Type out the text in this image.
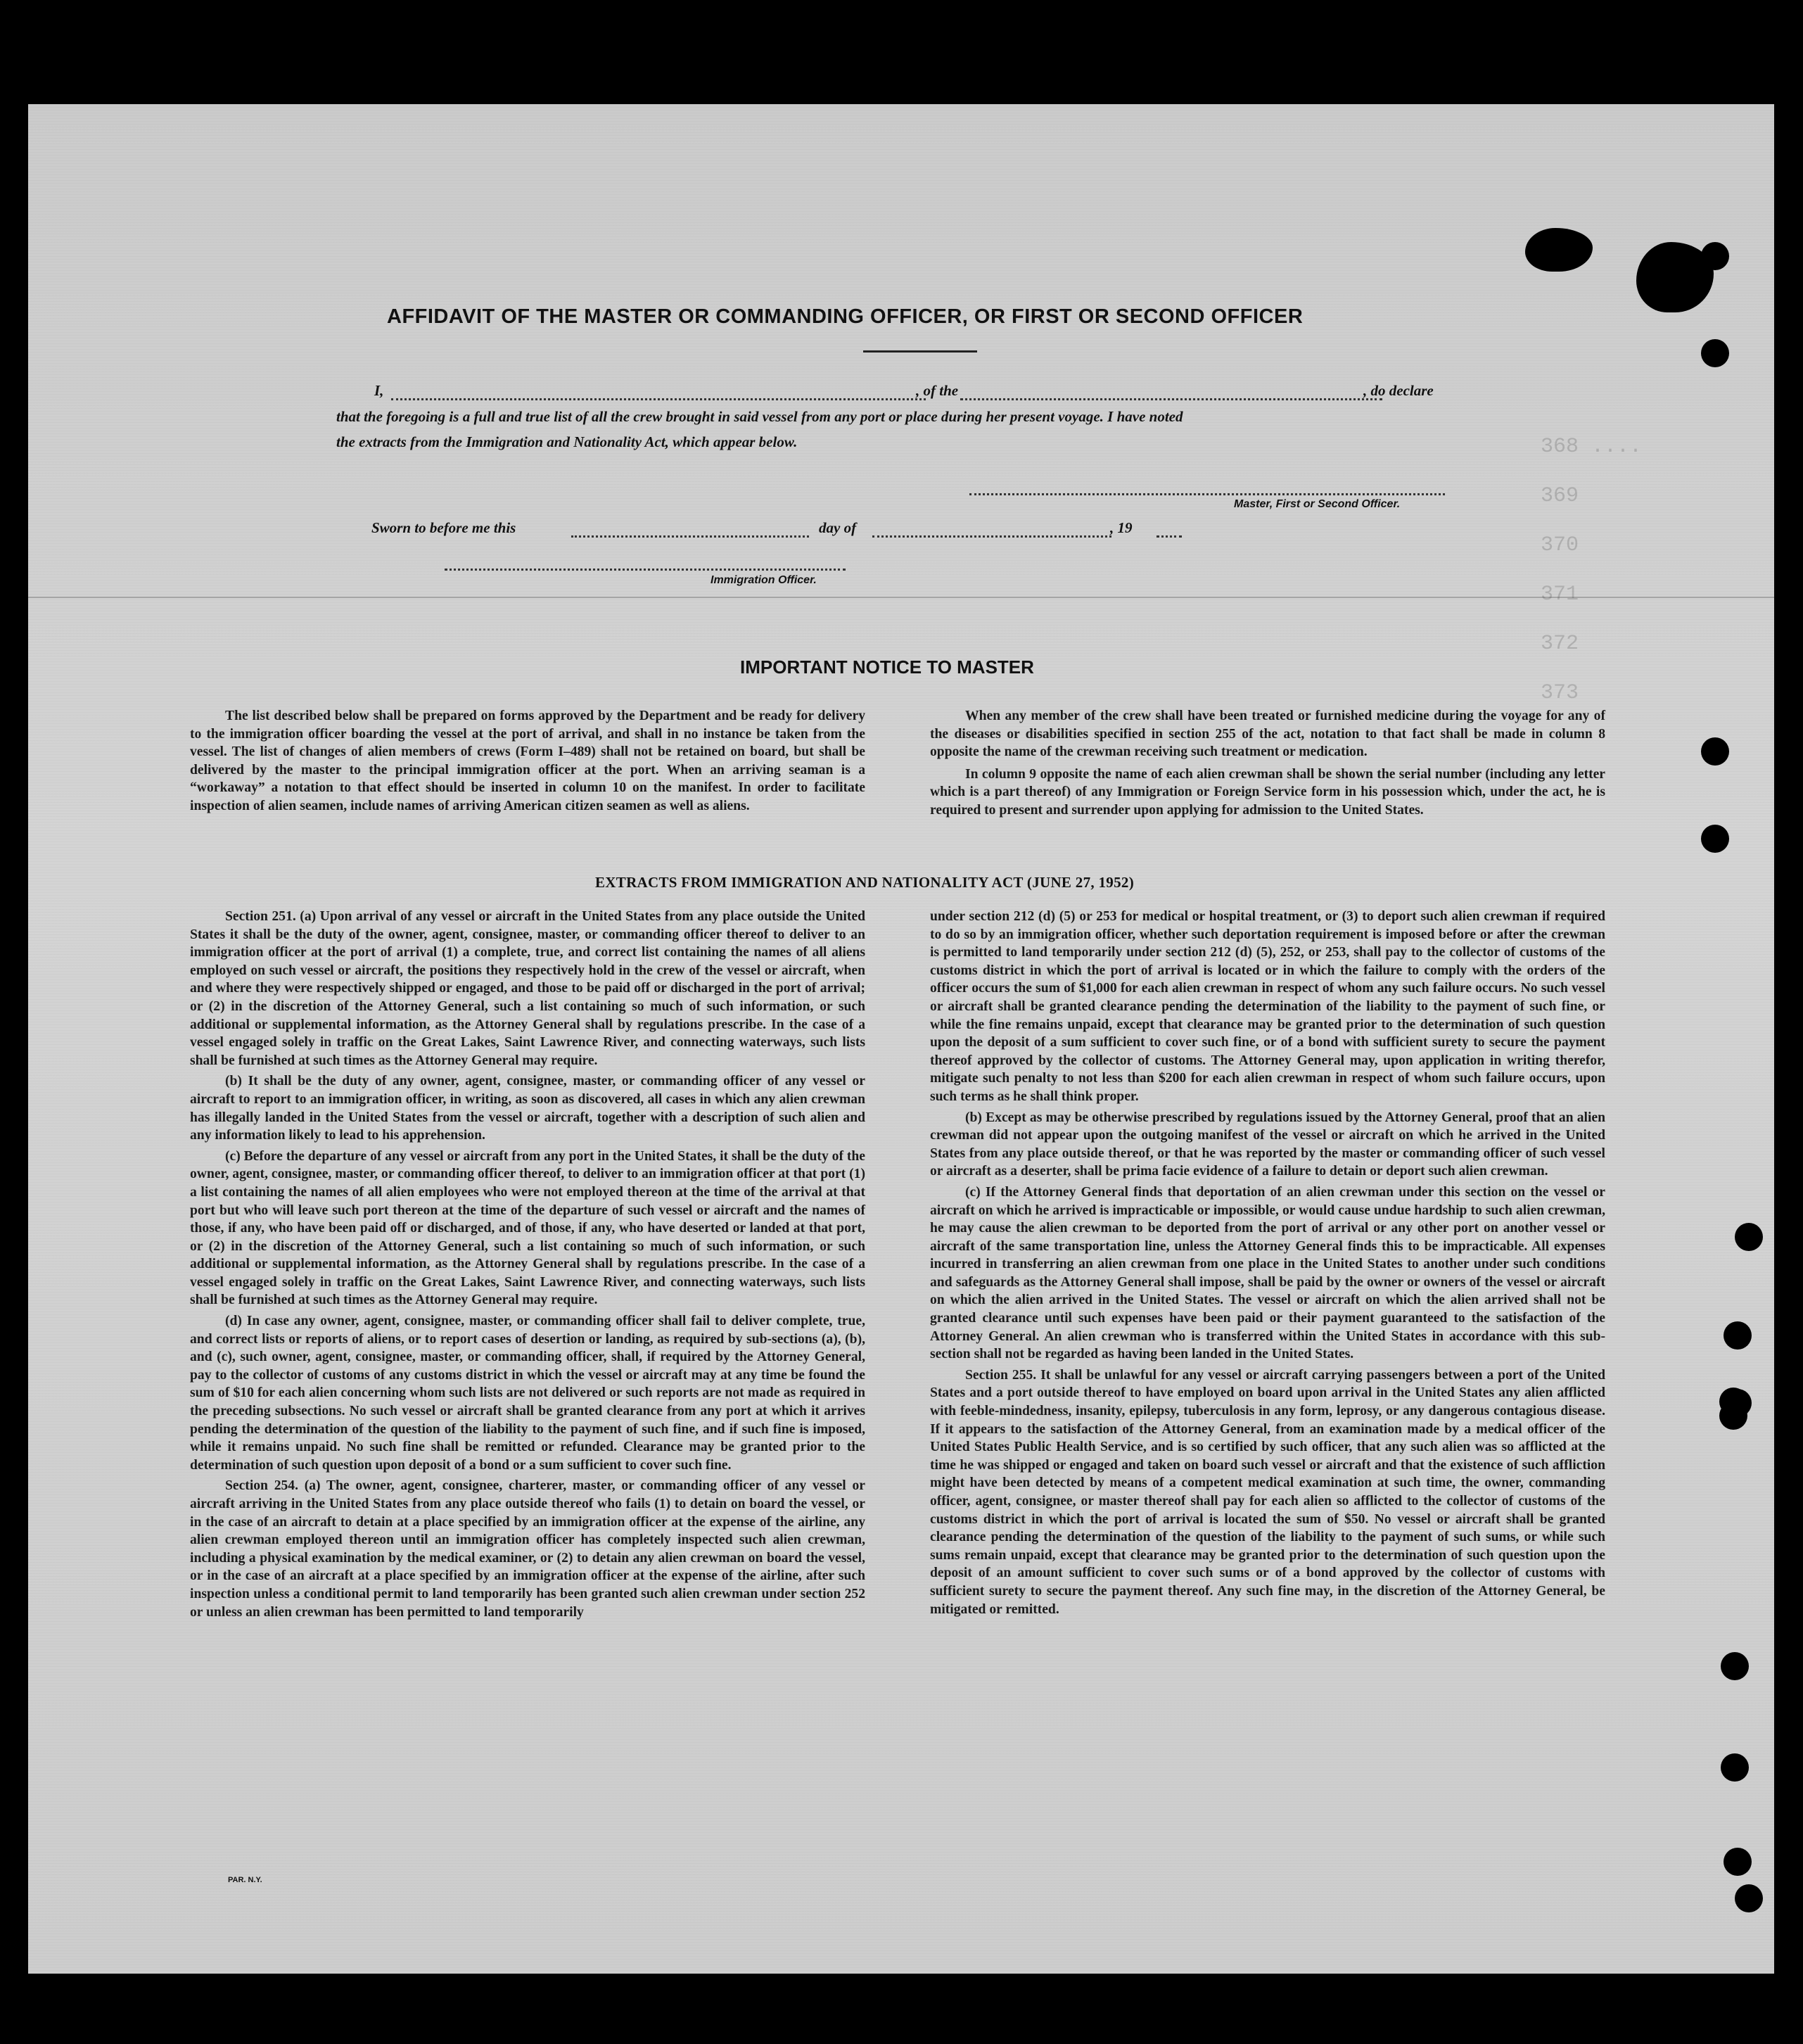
368 ....
369
370
371
372
373
AFFIDAVIT OF THE MASTER OR COMMANDING OFFICER, OR FIRST OR SECOND OFFICER
I,	, of the	, do declare
that the foregoing is a full and true list of all the crew brought in said vessel from any port or place during her present voyage. I have noted
the extracts from the Immigration and Nationality Act, which appear below.
Master, First or Second Officer.
Sworn to before me this	day of	, 19
Immigration Officer.
IMPORTANT NOTICE TO MASTER

The list described below shall be prepared on forms approved by the Department and be ready for delivery to the immigration officer boarding the vessel at the port of arrival, and shall in no instance be taken from the vessel. The list of changes of alien members of crews (Form I–489) shall not be retained on board, but shall be delivered by the master to the principal immigration officer at the port. When an arriving seaman is a “workaway” a notation to that effect should be inserted in column 10 on the manifest. In order to facilitate inspection of alien seamen, include names of arriving American citizen seamen as well as aliens.

When any member of the crew shall have been treated or furnished medicine during the voyage for any of the diseases or disabilities specified in section 255 of the act, notation to that fact shall be made in column 8 opposite the name of the crewman receiving such treatment or medication.

In column 9 opposite the name of each alien crewman shall be shown the serial number (including any letter which is a part thereof) of any Immigration or Foreign Service form in his possession which, under the act, he is required to present and surrender upon applying for admission to the United States.

EXTRACTS FROM IMMIGRATION AND NATIONALITY ACT (JUNE 27, 1952)

Section 251. (a) Upon arrival of any vessel or aircraft in the United States from any place outside the United States it shall be the duty of the owner, agent, consignee, master, or commanding officer thereof to deliver to an immigration officer at the port of arrival (1) a complete, true, and correct list containing the names of all aliens employed on such vessel or aircraft, the positions they respectively hold in the crew of the vessel or aircraft, when and where they were respectively shipped or engaged, and those to be paid off or discharged in the port of arrival; or (2) in the discretion of the Attorney General, such a list containing so much of such information, or such additional or supplemental information, as the Attorney General shall by regulations prescribe. In the case of a vessel engaged solely in traffic on the Great Lakes, Saint Lawrence River, and connecting waterways, such lists shall be furnished at such times as the Attorney General may require.

(b) It shall be the duty of any owner, agent, consignee, master, or commanding officer of any vessel or aircraft to report to an immigration officer, in writing, as soon as discovered, all cases in which any alien crewman has illegally landed in the United States from the vessel or aircraft, together with a description of such alien and any information likely to lead to his apprehension.

(c) Before the departure of any vessel or aircraft from any port in the United States, it shall be the duty of the owner, agent, consignee, master, or commanding officer thereof, to deliver to an immigration officer at that port (1) a list containing the names of all alien employees who were not employed thereon at the time of the arrival at that port but who will leave such port thereon at the time of the departure of such vessel or aircraft and the names of those, if any, who have been paid off or discharged, and of those, if any, who have deserted or landed at that port, or (2) in the discretion of the Attorney General, such a list containing so much of such information, or such additional or supplemental information, as the Attorney General shall by regulations prescribe. In the case of a vessel engaged solely in traffic on the Great Lakes, Saint Lawrence River, and connecting waterways, such lists shall be furnished at such times as the Attorney General may require.

(d) In case any owner, agent, consignee, master, or commanding officer shall fail to deliver complete, true, and correct lists or reports of aliens, or to report cases of desertion or landing, as required by sub-sections (a), (b), and (c), such owner, agent, consignee, master, or commanding officer, shall, if required by the Attorney General, pay to the collector of customs of any customs district in which the vessel or aircraft may at any time be found the sum of $10 for each alien concerning whom such lists are not delivered or such reports are not made as required in the preceding subsections. No such vessel or aircraft shall be granted clearance from any port at which it arrives pending the determination of the question of the liability to the payment of such fine, and if such fine is imposed, while it remains unpaid. No such fine shall be remitted or refunded. Clearance may be granted prior to the determination of such question upon deposit of a bond or a sum sufficient to cover such fine.

Section 254. (a) The owner, agent, consignee, charterer, master, or commanding officer of any vessel or aircraft arriving in the United States from any place outside thereof who fails (1) to detain on board the vessel, or in the case of an aircraft to detain at a place specified by an immigration officer at the expense of the airline, any alien crewman employed thereon until an immigration officer has completely inspected such alien crewman, including a physical examination by the medical examiner, or (2) to detain any alien crewman on board the vessel, or in the case of an aircraft at a place specified by an immigration officer at the expense of the airline, after such inspection unless a conditional permit to land temporarily has been granted such alien crewman under section 252 or unless an alien crewman has been permitted to land temporarily

under section 212 (d) (5) or 253 for medical or hospital treatment, or (3) to deport such alien crewman if required to do so by an immigration officer, whether such deportation requirement is imposed before or after the crewman is permitted to land temporarily under section 212 (d) (5), 252, or 253, shall pay to the collector of customs of the customs district in which the port of arrival is located or in which the failure to comply with the orders of the officer occurs the sum of $1,000 for each alien crewman in respect of whom any such failure occurs. No such vessel or aircraft shall be granted clearance pending the determination of the liability to the payment of such fine, or while the fine remains unpaid, except that clearance may be granted prior to the determination of such question upon the deposit of a sum sufficient to cover such fine, or of a bond with sufficient surety to secure the payment thereof approved by the collector of customs. The Attorney General may, upon application in writing therefor, mitigate such penalty to not less than $200 for each alien crewman in respect of whom such failure occurs, upon such terms as he shall think proper.

(b) Except as may be otherwise prescribed by regulations issued by the Attorney General, proof that an alien crewman did not appear upon the outgoing manifest of the vessel or aircraft on which he arrived in the United States from any place outside thereof, or that he was reported by the master or commanding officer of such vessel or aircraft as a deserter, shall be prima facie evidence of a failure to detain or deport such alien crewman.

(c) If the Attorney General finds that deportation of an alien crewman under this section on the vessel or aircraft on which he arrived is impracticable or impossible, or would cause undue hardship to such alien crewman, he may cause the alien crewman to be deported from the port of arrival or any other port on another vessel or aircraft of the same transportation line, unless the Attorney General finds this to be impracticable. All expenses incurred in transferring an alien crewman from one place in the United States to another under such conditions and safeguards as the Attorney General shall impose, shall be paid by the owner or owners of the vessel or aircraft on which the alien arrived in the United States. The vessel or aircraft on which the alien arrived shall not be granted clearance until such expenses have been paid or their payment guaranteed to the satisfaction of the Attorney General. An alien crewman who is transferred within the United States in accordance with this sub-section shall not be regarded as having been landed in the United States.

Section 255. It shall be unlawful for any vessel or aircraft carrying passengers between a port of the United States and a port outside thereof to have employed on board upon arrival in the United States any alien afflicted with feeble-mindedness, insanity, epilepsy, tuberculosis in any form, leprosy, or any dangerous contagious disease. If it appears to the satisfaction of the Attorney General, from an examination made by a medical officer of the United States Public Health Service, and is so certified by such officer, that any such alien was so afflicted at the time he was shipped or engaged and taken on board such vessel or aircraft and that the existence of such affliction might have been detected by means of a competent medical examination at such time, the owner, commanding officer, agent, consignee, or master thereof shall pay for each alien so afflicted to the collector of customs of the customs district in which the port of arrival is located the sum of $50. No vessel or aircraft shall be granted clearance pending the determination of the question of the liability to the payment of such sums, or while such sums remain unpaid, except that clearance may be granted prior to the determination of such question upon the deposit of an amount sufficient to cover such sums or of a bond approved by the collector of customs with sufficient surety to secure the payment thereof. Any such fine may, in the discretion of the Attorney General, be mitigated or remitted.

PAR. N.Y.
